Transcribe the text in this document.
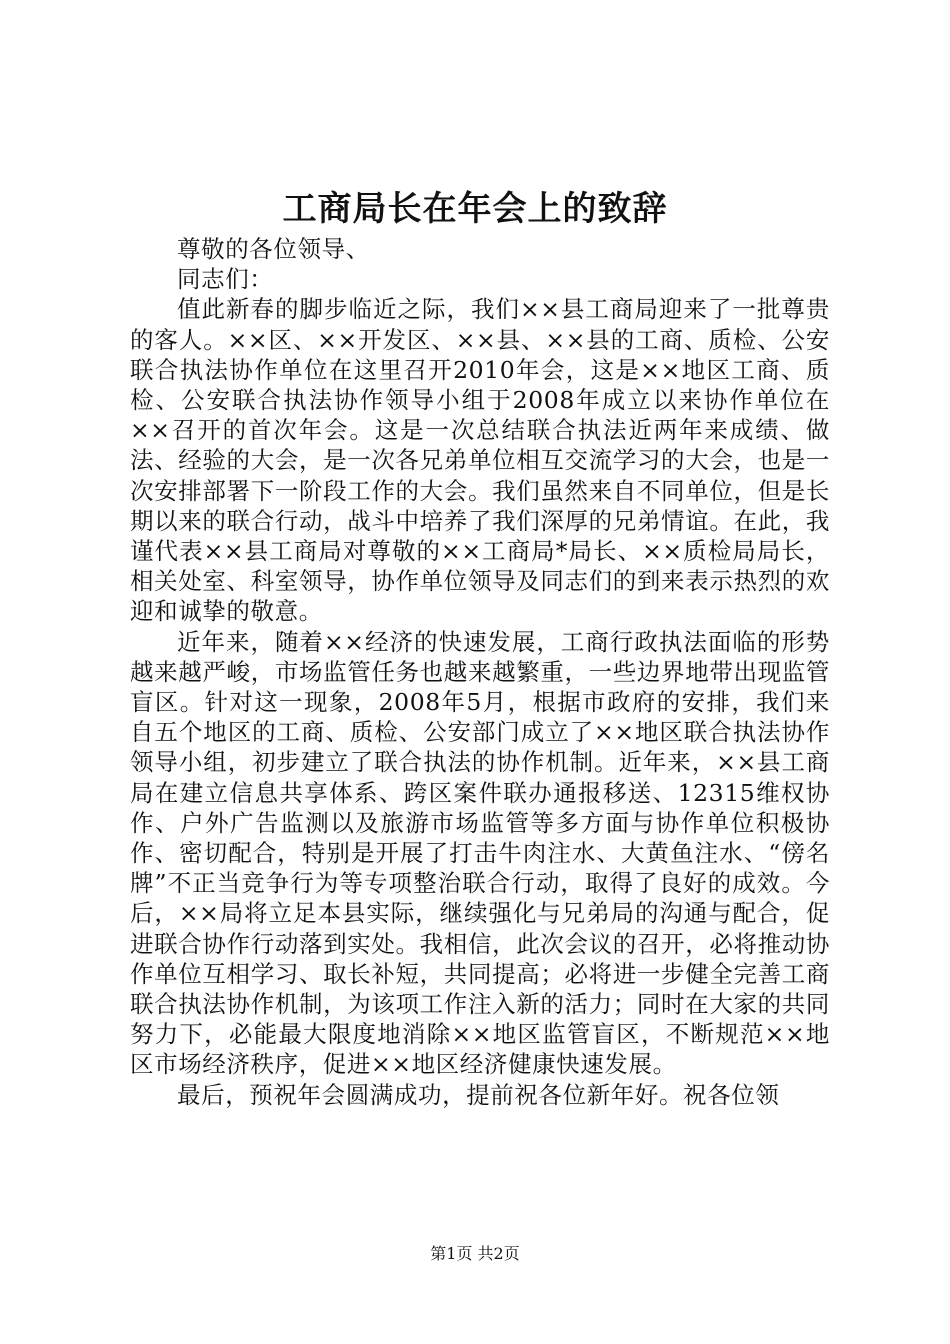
工商局长在年会上的致辞

尊敬的各位领导、

同志们：

值此新春的脚步临近之际，我们××县工商局迎来了一批尊贵的客人。××区、××开发区、××县、××县的工商、质检、公安联合执法协作单位在这里召开2010年会，这是××地区工商、质检、公安联合执法协作领导小组于2008年成立以来协作单位在××召开的首次年会。这是一次总结联合执法近两年来成绩、做法、经验的大会，是一次各兄弟单位相互交流学习的大会，也是一次安排部署下一阶段工作的大会。我们虽然来自不同单位，但是长期以来的联合行动，战斗中培养了我们深厚的兄弟情谊。在此，我谨代表××县工商局对尊敬的××工商局*局长、××质检局局长，相关处室、科室领导，协作单位领导及同志们的到来表示热烈的欢迎和诚挚的敬意。

近年来，随着××经济的快速发展，工商行政执法面临的形势越来越严峻，市场监管任务也越来越繁重，一些边界地带出现监管盲区。针对这一现象，2008年5月，根据市政府的安排，我们来自五个地区的工商、质检、公安部门成立了××地区联合执法协作领导小组，初步建立了联合执法的协作机制。近年来，××县工商局在建立信息共享体系、跨区案件联办通报移送、12315维权协作、户外广告监测以及旅游市场监管等多方面与协作单位积极协作、密切配合，特别是开展了打击牛肉注水、大黄鱼注水、“傍名牌”不正当竞争行为等专项整治联合行动，取得了良好的成效。今后，××局将立足本县实际，继续强化与兄弟局的沟通与配合，促进联合协作行动落到实处。我相信，此次会议的召开，必将推动协作单位互相学习、取长补短，共同提高；必将进一步健全完善工商联合执法协作机制，为该项工作注入新的活力；同时在大家的共同努力下，必能最大限度地消除××地区监管盲区，不断规范××地区市场经济秩序，促进××地区经济健康快速发展。

最后，预祝年会圆满成功，提前祝各位新年好。祝各位领

第1页 共2页
